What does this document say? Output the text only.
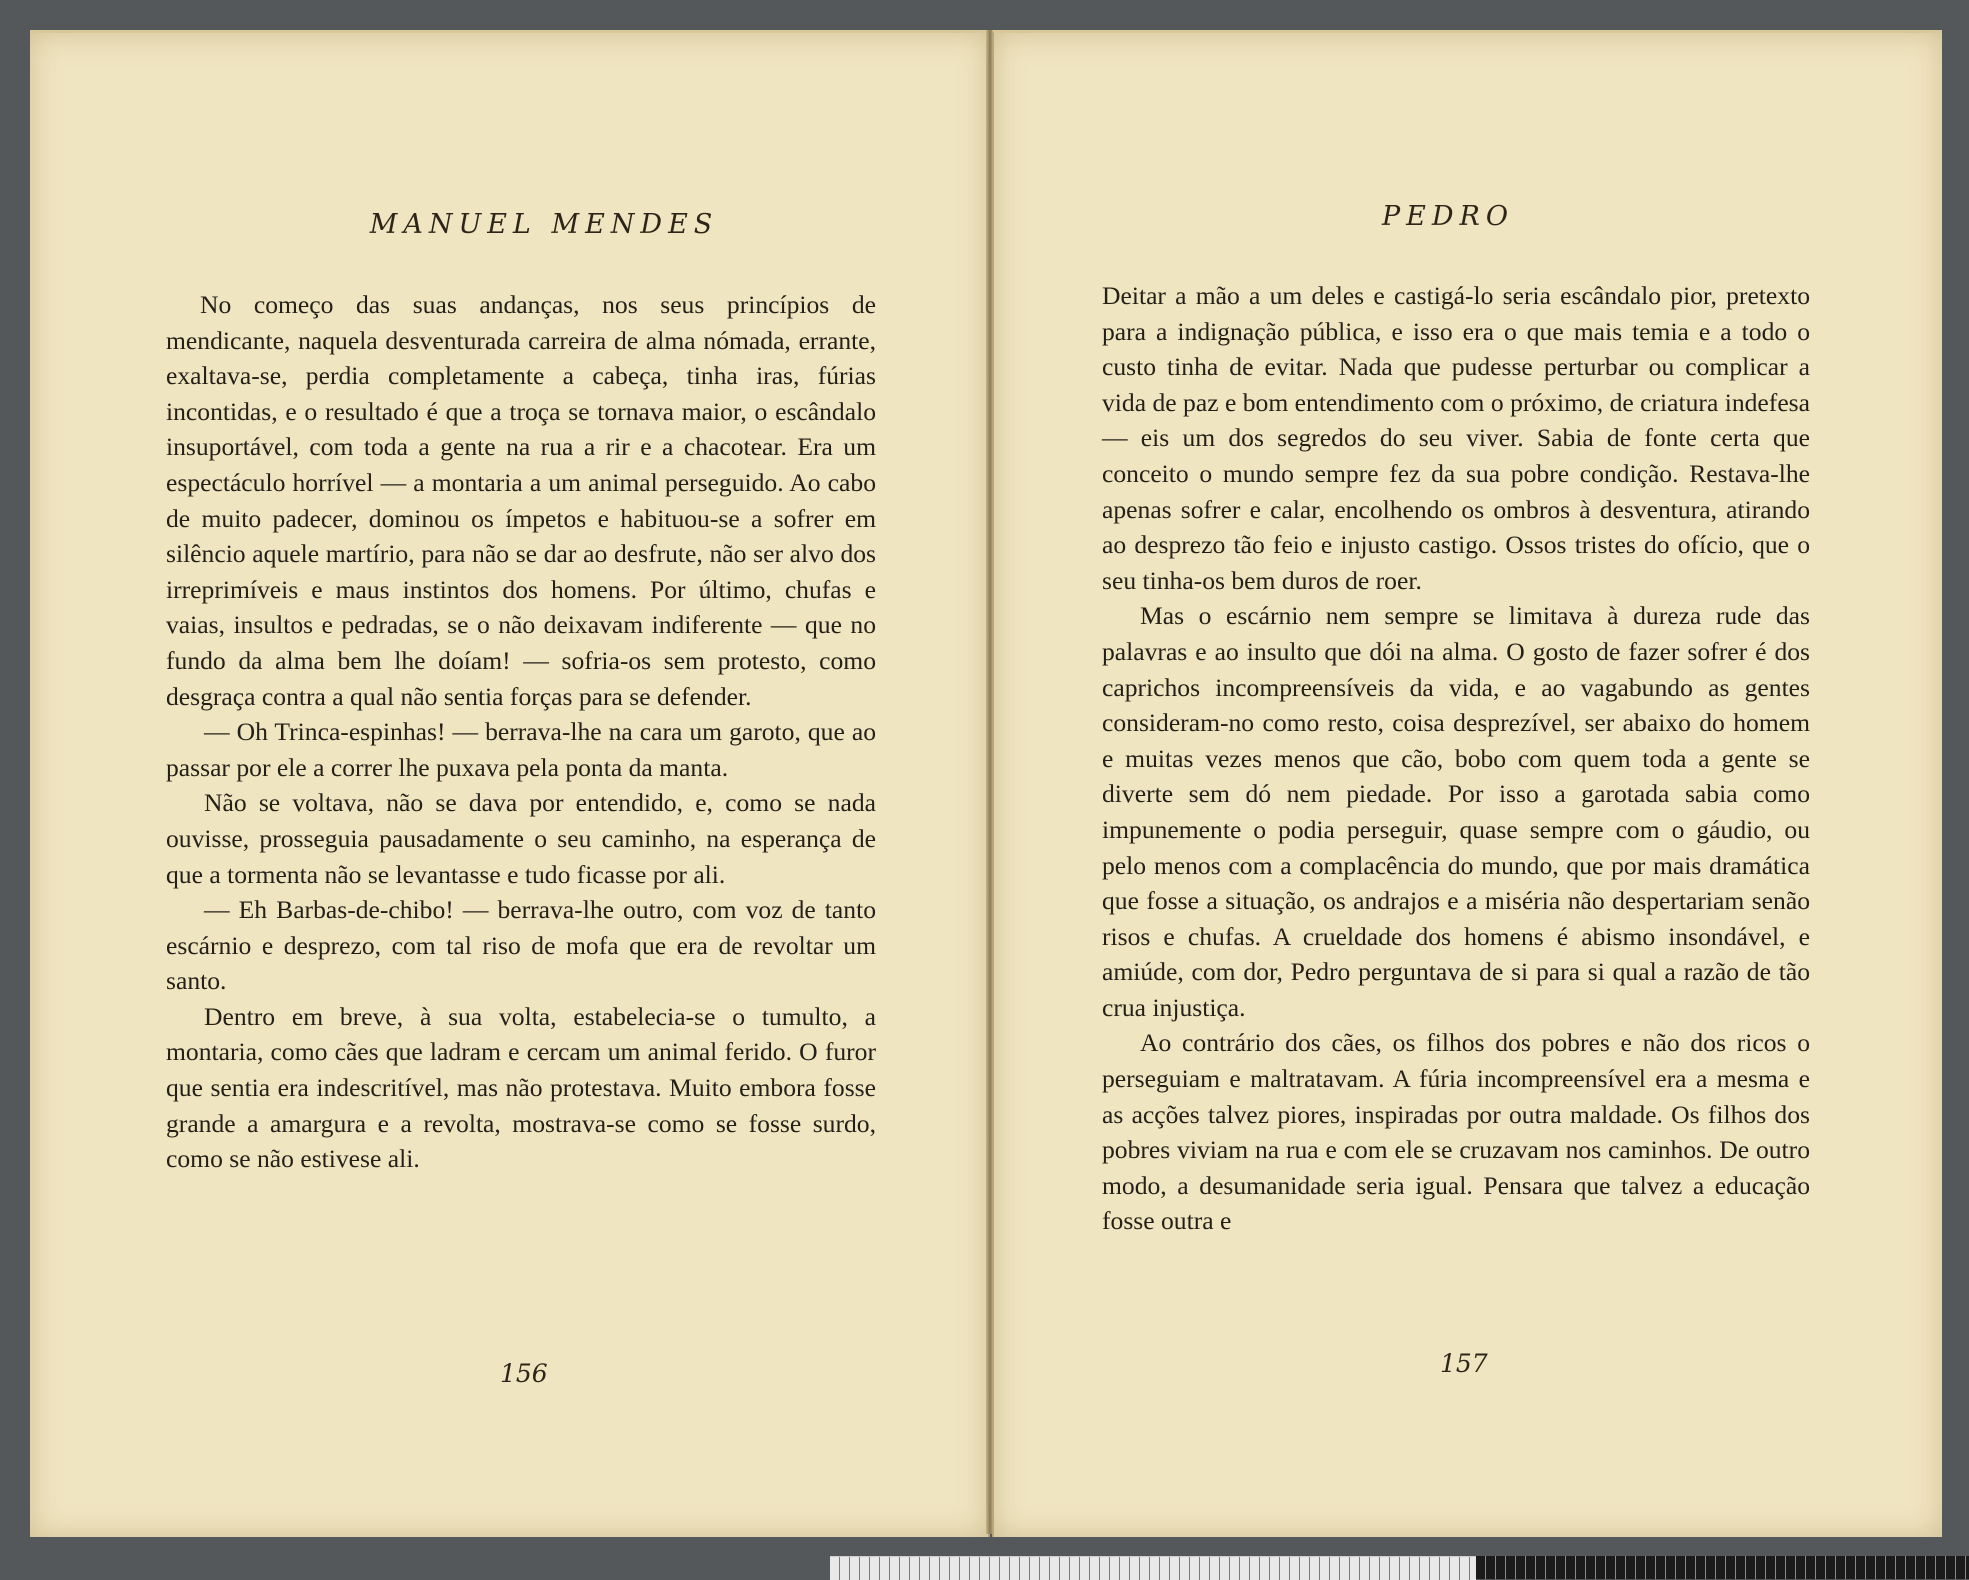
MANUEL MENDES

No começo das suas andanças, nos seus princípios de mendicante, naquela desventurada carreira de alma nómada, errante, exaltava-se, perdia completamente a cabeça, tinha iras, fúrias incontidas, e o resultado é que a troça se tornava maior, o escândalo insuportável, com toda a gente na rua a rir e a chacotear. Era um espectáculo horrível — a montaria a um animal perseguido. Ao cabo de muito padecer, dominou os ímpetos e habituou-se a sofrer em silêncio aquele martírio, para não se dar ao desfrute, não ser alvo dos irreprimíveis e maus instintos dos homens. Por último, chufas e vaias, insultos e pedradas, se o não deixavam indiferente — que no fundo da alma bem lhe doíam! — sofria-os sem protesto, como desgraça contra a qual não sentia forças para se defender.

— Oh Trinca-espinhas! — berrava-lhe na cara um garoto, que ao passar por ele a correr lhe puxava pela ponta da manta.

Não se voltava, não se dava por entendido, e, como se nada ouvisse, prosseguia pausadamente o seu caminho, na esperança de que a tormenta não se levantasse e tudo ficasse por ali.

— Eh Barbas-de-chibo! — berrava-lhe outro, com voz de tanto escárnio e desprezo, com tal riso de mofa que era de revoltar um santo.

Dentro em breve, à sua volta, estabelecia-se o tumulto, a montaria, como cães que ladram e cercam um animal ferido. O furor que sentia era indescritível, mas não protestava. Muito embora fosse grande a amargura e a revolta, mostrava-se como se fosse surdo, como se não estivese ali.

156
PEDRO

Deitar a mão a um deles e castigá-lo seria escândalo pior, pretexto para a indignação pública, e isso era o que mais temia e a todo o custo tinha de evitar. Nada que pudesse perturbar ou complicar a vida de paz e bom entendimento com o próximo, de criatura indefesa — eis um dos segredos do seu viver. Sabia de fonte certa que conceito o mundo sempre fez da sua pobre condição. Restava-lhe apenas sofrer e calar, encolhendo os ombros à desventura, atirando ao desprezo tão feio e injusto castigo. Ossos tristes do ofício, que o seu tinha-os bem duros de roer.

Mas o escárnio nem sempre se limitava à dureza rude das palavras e ao insulto que dói na alma. O gosto de fazer sofrer é dos caprichos incompreensíveis da vida, e ao vagabundo as gentes consideram-no como resto, coisa desprezível, ser abaixo do homem e muitas vezes menos que cão, bobo com quem toda a gente se diverte sem dó nem piedade. Por isso a garotada sabia como impunemente o podia perseguir, quase sempre com o gáudio, ou pelo menos com a complacência do mundo, que por mais dramática que fosse a situação, os andrajos e a miséria não despertariam senão risos e chufas. A crueldade dos homens é abismo insondável, e amiúde, com dor, Pedro perguntava de si para si qual a razão de tão crua injustiça.

Ao contrário dos cães, os filhos dos pobres e não dos ricos o perseguiam e maltratavam. A fúria incompreensível era a mesma e as acções talvez piores, inspiradas por outra maldade. Os filhos dos pobres viviam na rua e com ele se cruzavam nos caminhos. De outro modo, a desumanidade seria igual. Pensara que talvez a educação fosse outra e

157
